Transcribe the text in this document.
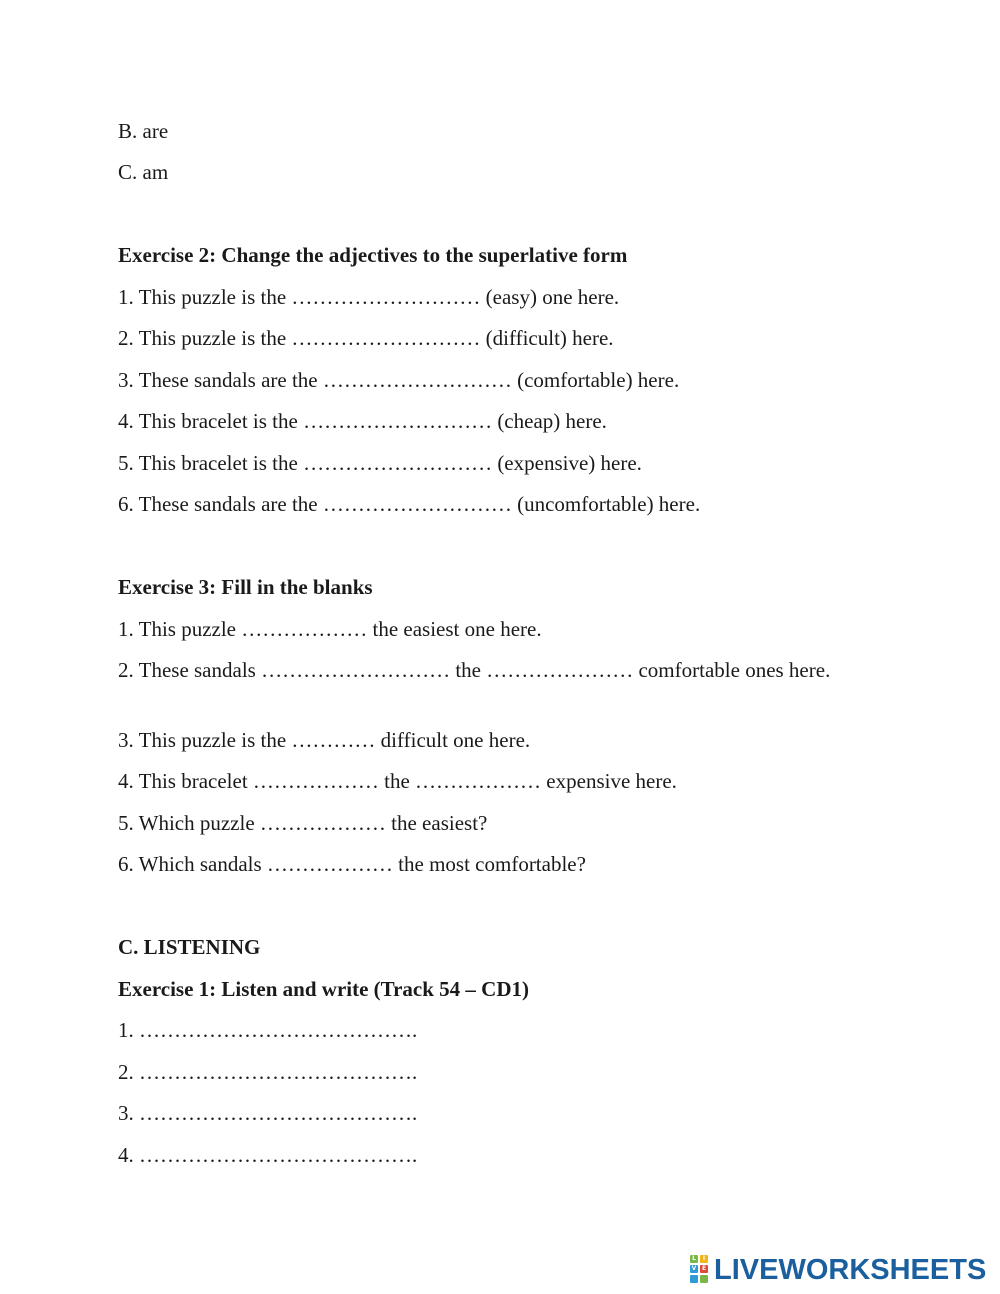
B. are
C. am
Exercise 2: Change the adjectives to the superlative form
1. This puzzle is the ……………………… (easy) one here.
2. This puzzle is the ……………………… (difficult) here.
3. These sandals are the ……………………… (comfortable) here.
4. This bracelet is the ……………………… (cheap) here.
5. This bracelet is the ……………………… (expensive) here.
6. These sandals are the ……………………… (uncomfortable) here.
Exercise 3: Fill in the blanks
1. This puzzle ……………… the easiest one here.
2. These sandals ……………………… the ………………… comfortable ones here.
3. This puzzle is the ………… difficult one here.
4. This bracelet ……………… the ……………… expensive here.
5. Which puzzle ……………… the easiest?
6. Which sandals ……………… the most comfortable?
C. LISTENING
Exercise 1: Listen and write (Track 54 – CD1)
1. ………………………………….
2. ………………………………….
3. ………………………………….
4. ………………………………….
L	I
V E LIVEWORKSHEETS
